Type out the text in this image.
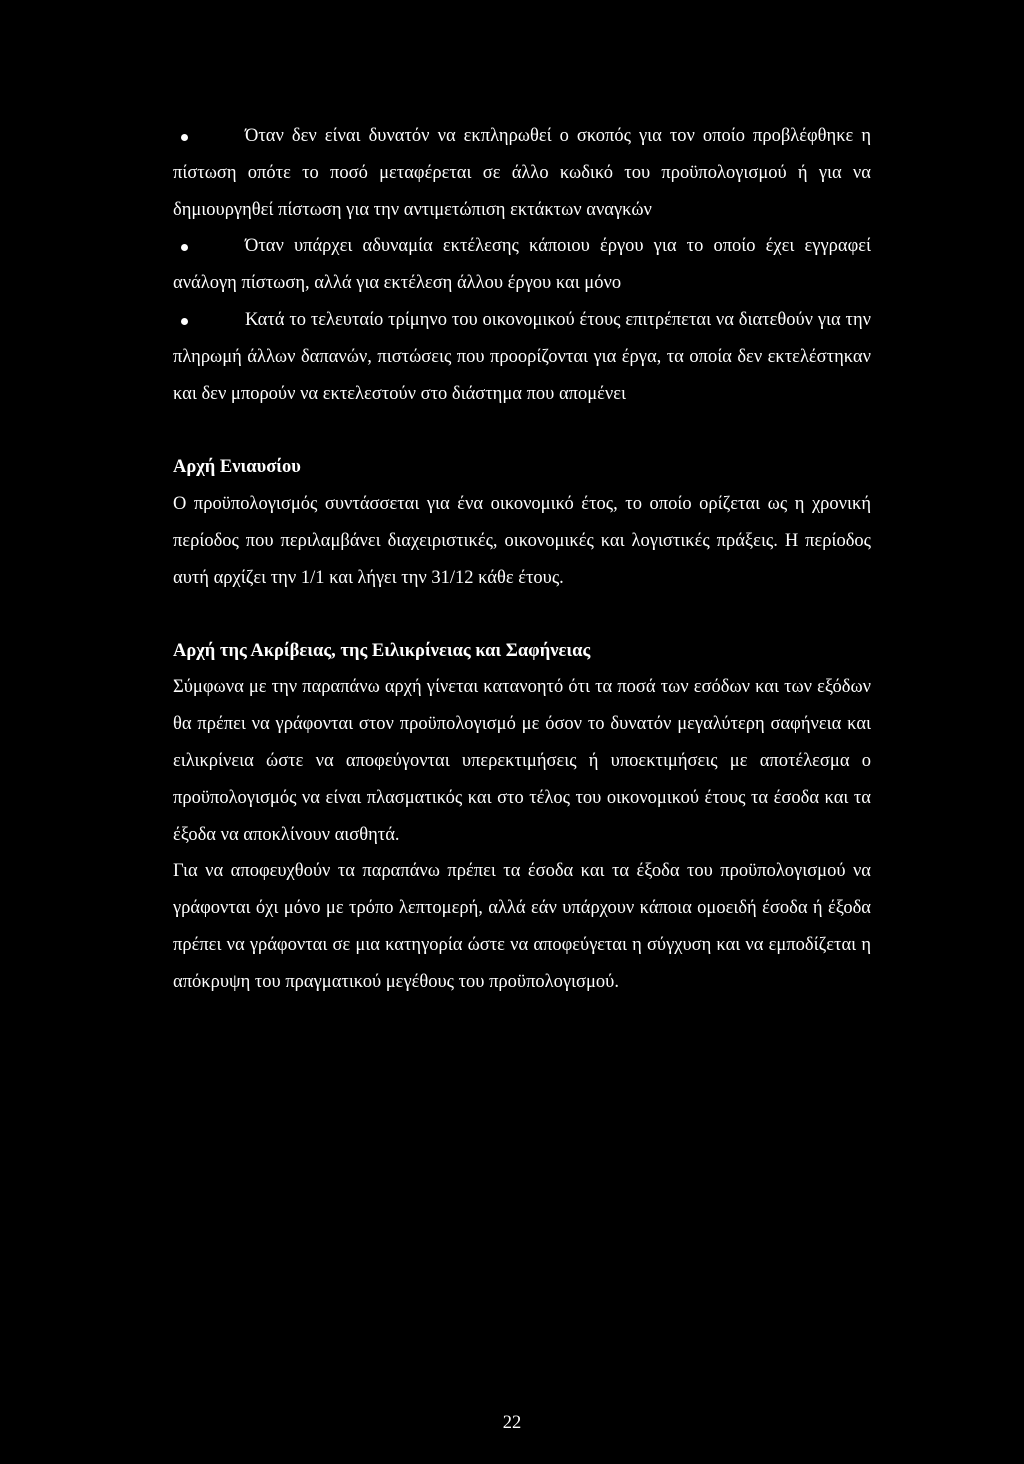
Όταν δεν είναι δυνατόν να εκπληρωθεί ο σκοπός για τον οποίο προβλέφθηκε η πίστωση οπότε το ποσό μεταφέρεται σε άλλο κωδικό του προϋπολογισμού ή για να δημιουργηθεί πίστωση για την αντιμετώπιση εκτάκτων αναγκών
Όταν υπάρχει αδυναμία εκτέλεσης κάποιου έργου για το οποίο έχει εγγραφεί ανάλογη πίστωση, αλλά για εκτέλεση άλλου έργου και μόνο
Κατά το τελευταίο τρίμηνο του οικονομικού έτους επιτρέπεται να διατεθούν για την πληρωμή άλλων δαπανών, πιστώσεις που προορίζονται για έργα, τα οποία δεν εκτελέστηκαν και δεν μπορούν να εκτελεστούν στο διάστημα που απομένει
Αρχή Ενιαυσίου

Ο προϋπολογισμός συντάσσεται για ένα οικονομικό έτος, το οποίο ορίζεται ως η χρονική περίοδος που περιλαμβάνει διαχειριστικές, οικονομικές και λογιστικές πράξεις. Η περίοδος αυτή αρχίζει την 1/1 και λήγει την 31/12 κάθε έτους.

Αρχή της Ακρίβειας, της Ειλικρίνειας και Σαφήνειας

Σύμφωνα με την παραπάνω αρχή γίνεται κατανοητό ότι τα ποσά των εσόδων και των εξόδων θα πρέπει να γράφονται στον προϋπολογισμό με όσον το δυνατόν μεγαλύτερη σαφήνεια και ειλικρίνεια ώστε να αποφεύγονται υπερεκτιμήσεις ή υποεκτιμήσεις με αποτέλεσμα ο προϋπολογισμός να είναι πλασματικός και στο τέλος του οικονομικού έτους τα έσοδα και τα έξοδα να αποκλίνουν αισθητά.

Για να αποφευχθούν τα παραπάνω πρέπει τα έσοδα και τα έξοδα του προϋπολογισμού να γράφονται όχι μόνο με τρόπο λεπτομερή, αλλά εάν υπάρχουν κάποια ομοειδή έσοδα ή έξοδα πρέπει να γράφονται σε μια κατηγορία ώστε να αποφεύγεται η σύγχυση και να εμποδίζεται η απόκρυψη του πραγματικού μεγέθους του προϋπολογισμού.

22
